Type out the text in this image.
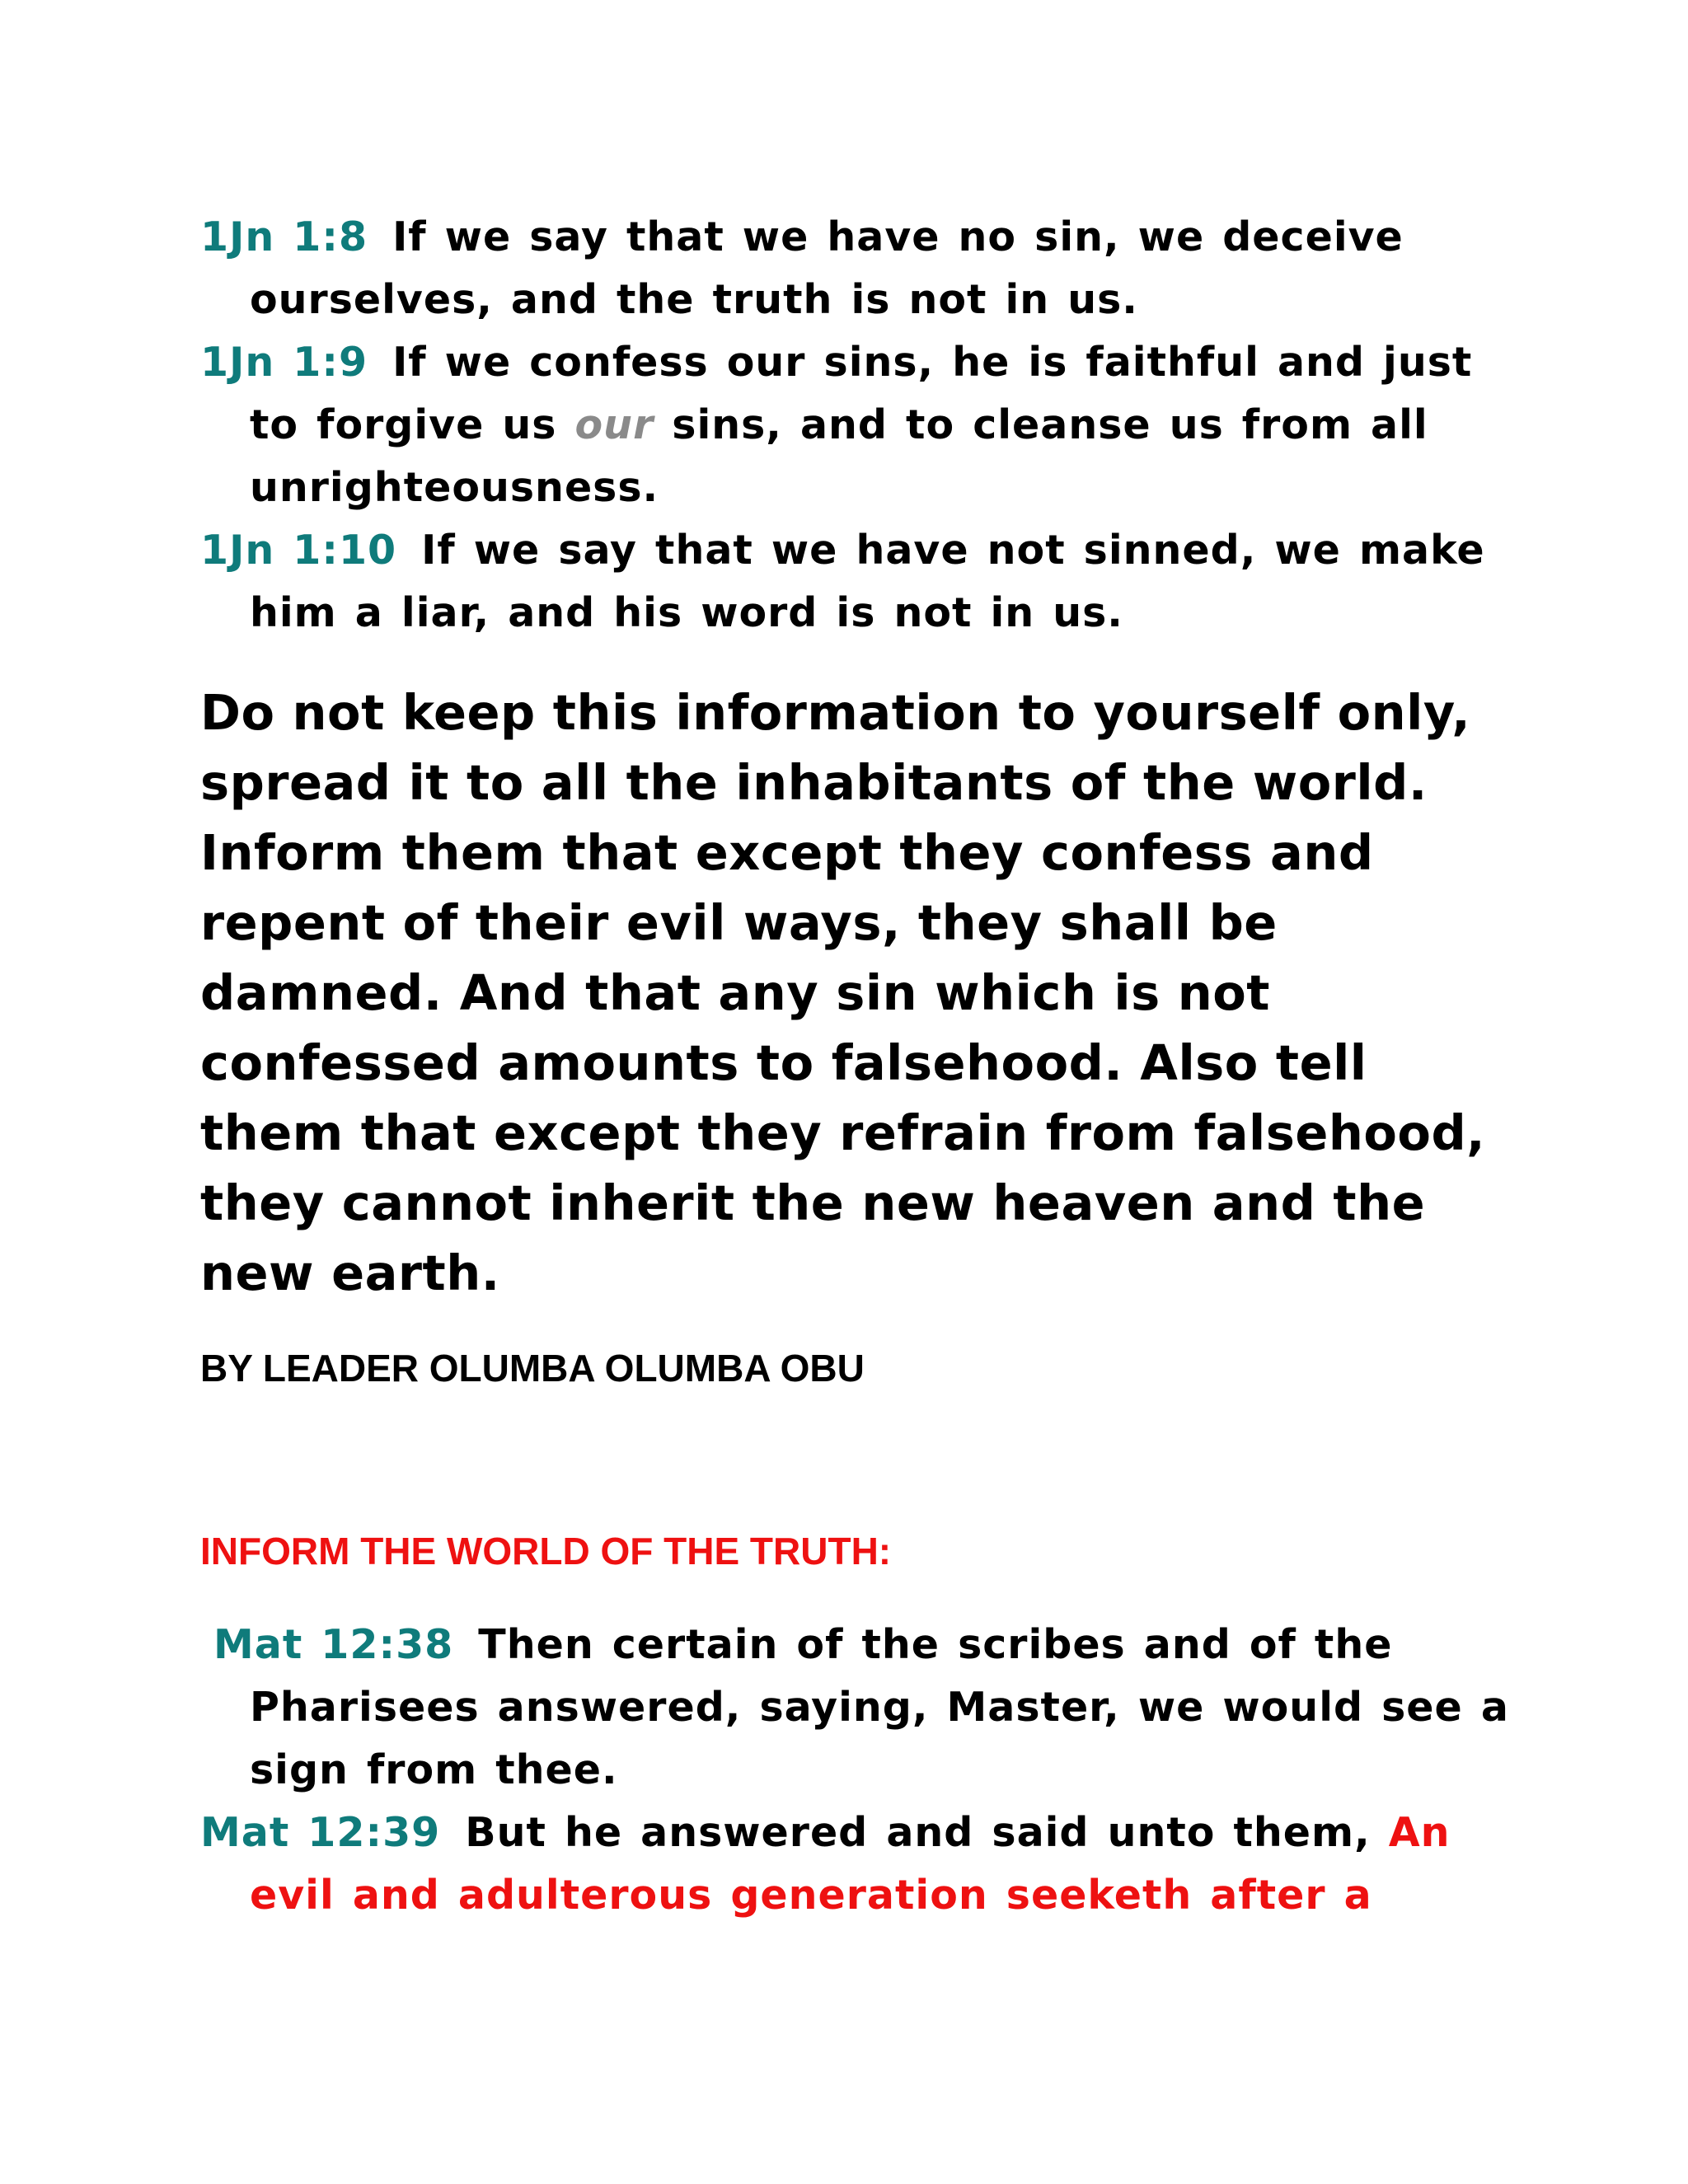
1Jn 1:8 If we say that we have no sin, we deceive ourselves, and the truth is not in us.

1Jn 1:9 If we confess our sins, he is faithful and just to forgive us our sins, and to cleanse us from all unrighteousness.

1Jn 1:10 If we say that we have not sinned, we make him a liar, and his word is not in us.

Do not keep this information to yourself only, spread it to all the inhabitants of the world. Inform them that except they confess and repent of their evil ways, they shall be damned. And that any sin which is not confessed amounts to falsehood. Also tell them that except they refrain from falsehood, they cannot inherit the new heaven and the new earth.

BY LEADER OLUMBA OLUMBA OBU

INFORM THE WORLD OF THE TRUTH:

Mat 12:38 Then certain of the scribes and of the Pharisees answered, saying, Master, we would see a sign from thee.

Mat 12:39 But he answered and said unto them, An evil and adulterous generation seeketh after a
